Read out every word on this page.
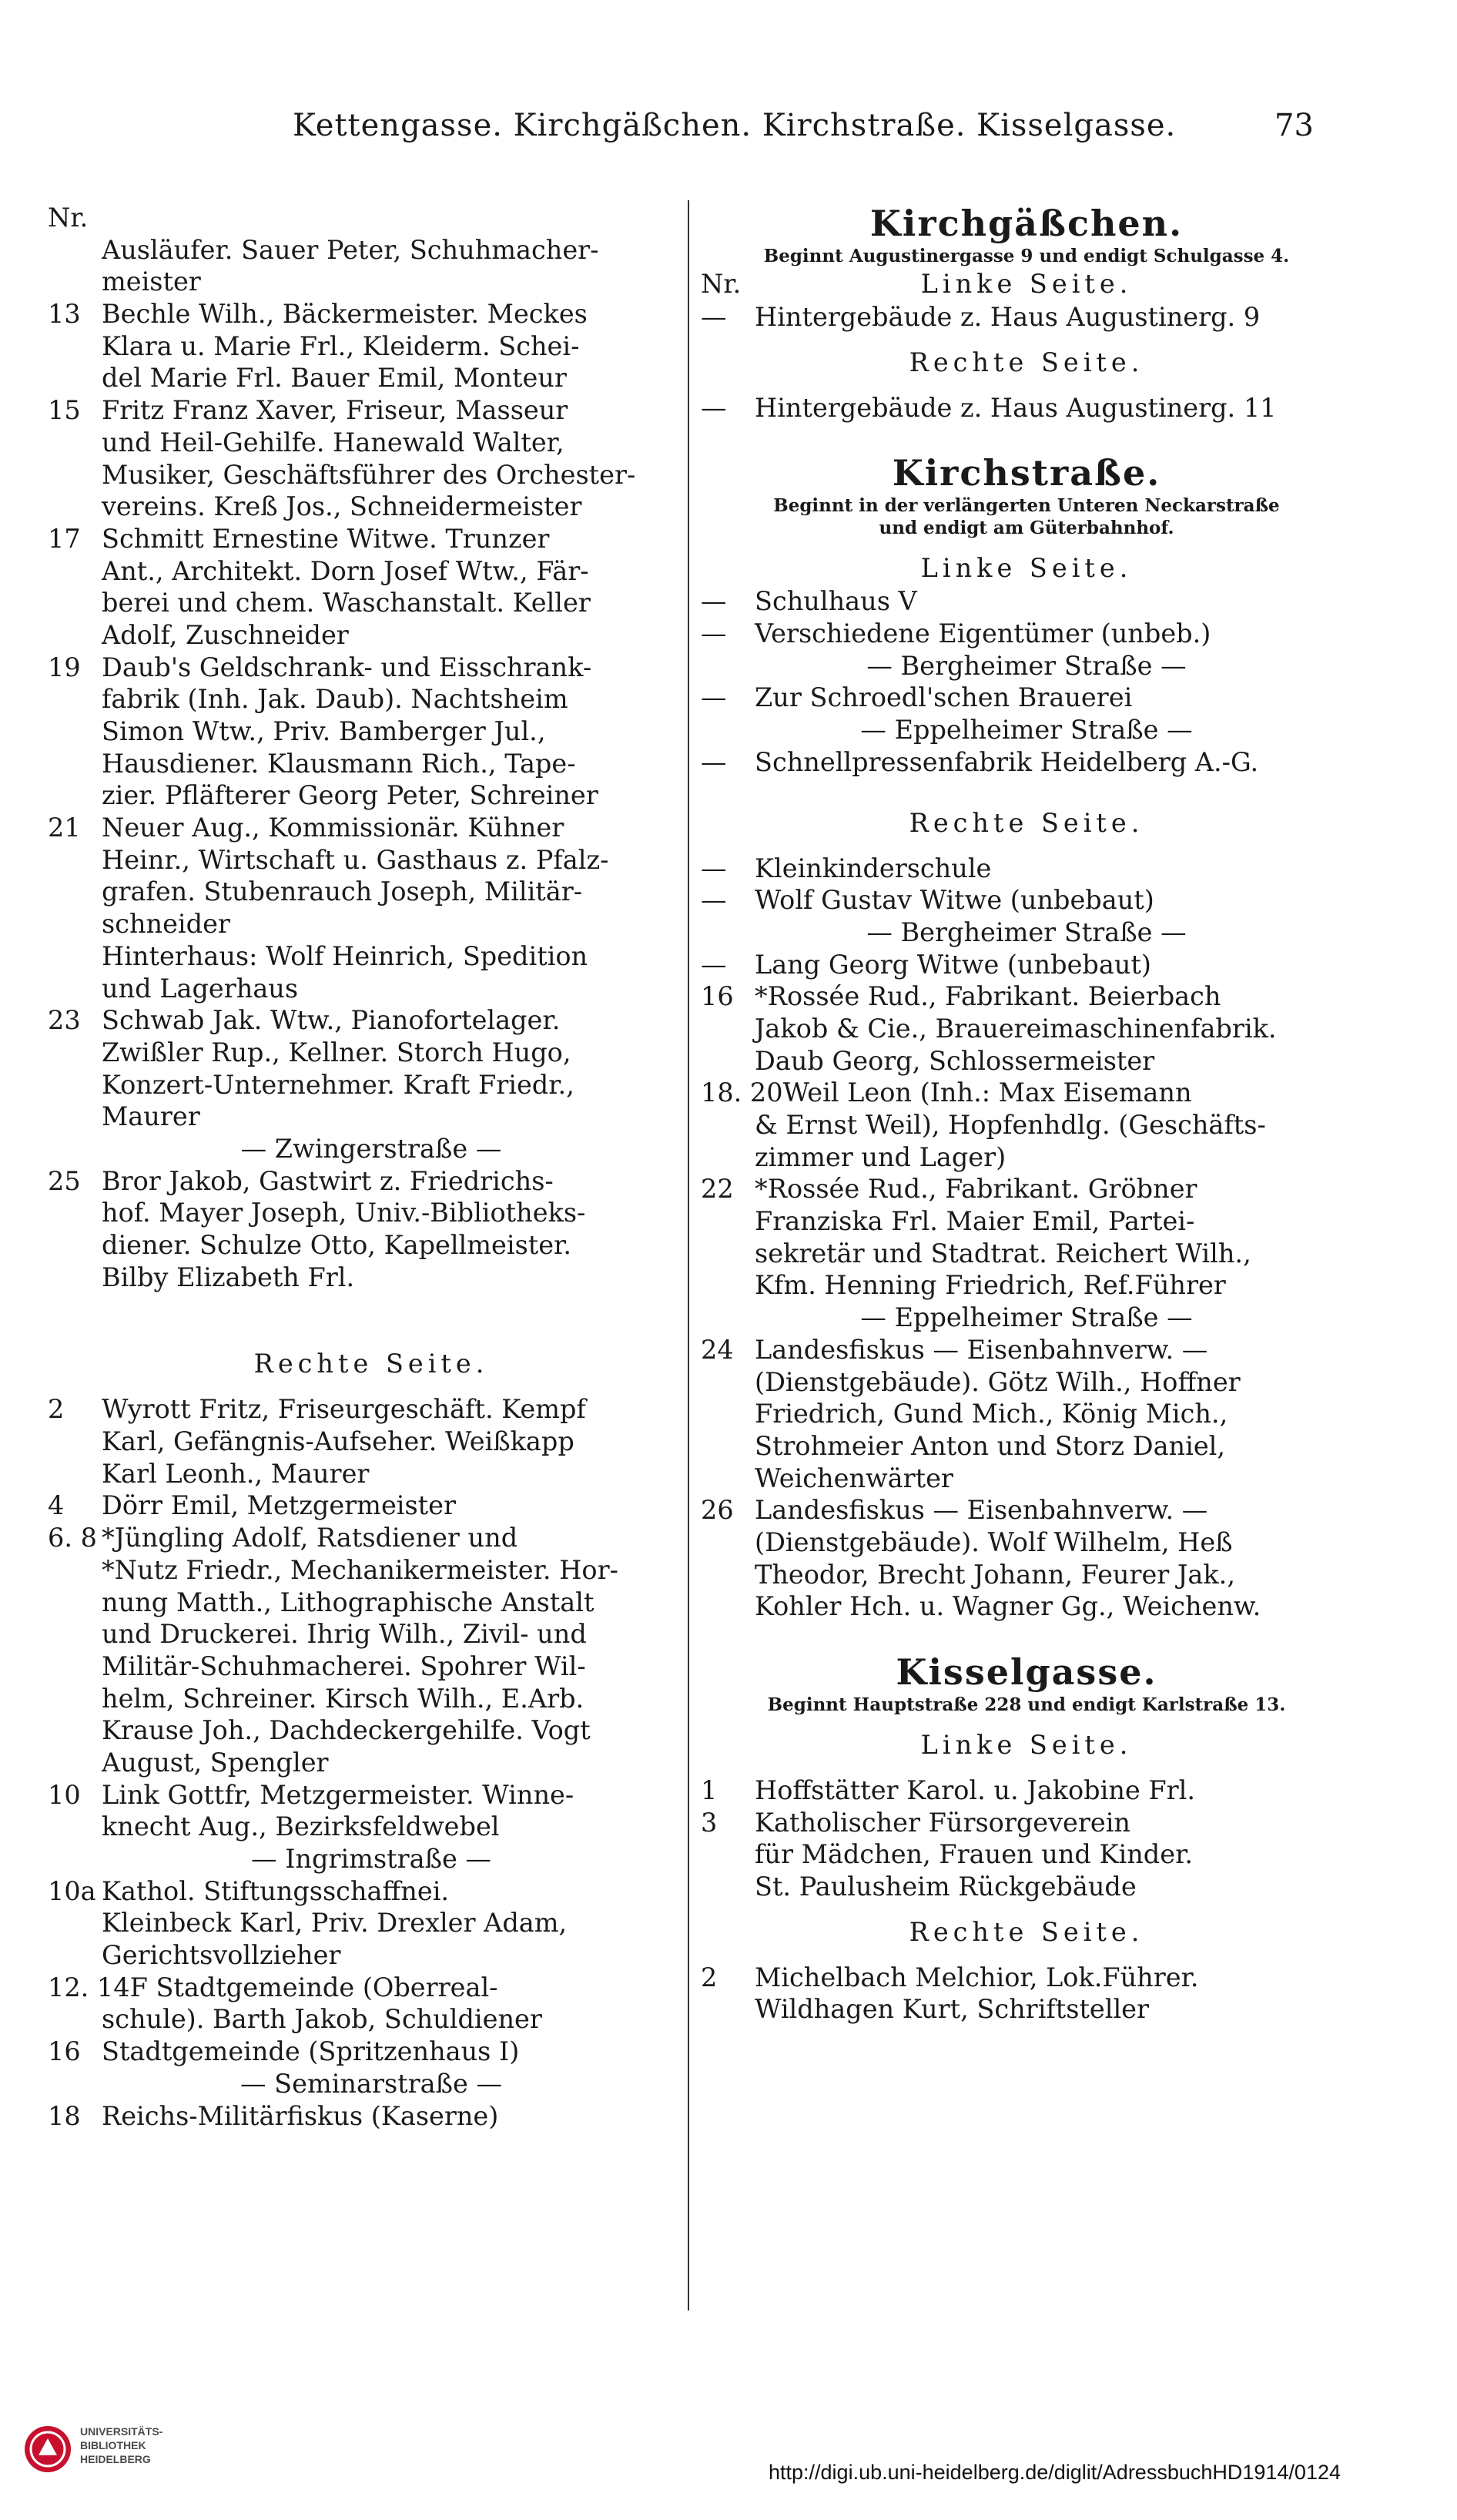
Kettengasse. Kirchgäßchen. Kirchstraße. Kisselgasse.	73
Nr.
Ausläufer. Sauer Peter, Schuhmacher-
meister
13 Bechle Wilh., Bäckermeister. Meckes
Klara u. Marie Frl., Kleiderm. Schei-
del Marie Frl. Bauer Emil, Monteur
15 Fritz Franz Xaver, Friseur, Masseur
und Heil-Gehilfe. Hanewald Walter,
Musiker, Geschäftsführer des Orchester-
vereins. Kreß Jos., Schneidermeister
17 Schmitt Ernestine Witwe. Trunzer
Ant., Architekt. Dorn Josef Wtw., Fär-
berei und chem. Waschanstalt. Keller
Adolf, Zuschneider
19 Daub's Geldschrank- und Eisschrank-
fabrik (Inh. Jak. Daub). Nachtsheim
Simon Wtw., Priv. Bamberger Jul.,
Hausdiener. Klausmann Rich., Tape-
zier. Pfläfterer Georg Peter, Schreiner
21 Neuer Aug., Kommissionär. Kühner
Heinr., Wirtschaft u. Gasthaus z. Pfalz-
grafen. Stubenrauch Joseph, Militär-
schneider
Hinterhaus: Wolf Heinrich, Spedition
und Lagerhaus
23 Schwab Jak. Wtw., Pianofortelager.
Zwißler Rup., Kellner. Storch Hugo,
Konzert-Unternehmer. Kraft Friedr.,
Maurer
— Zwingerstraße —
25 Bror Jakob, Gastwirt z. Friedrichs-
hof. Mayer Joseph, Univ.-Bibliotheks-
diener. Schulze Otto, Kapellmeister.
Bilby Elizabeth Frl.
Rechte Seite.
2 Wyrott Fritz, Friseurgeschäft. Kempf
Karl, Gefängnis-Aufseher. Weißkapp
Karl Leonh., Maurer
4 Dörr Emil, Metzgermeister
6. 8 *Jüngling Adolf, Ratsdiener und
*Nutz Friedr., Mechanikermeister. Hor-
nung Matth., Lithographische Anstalt
und Druckerei. Ihrig Wilh., Zivil- und
Militär-Schuhmacherei. Spohrer Wil-
helm, Schreiner. Kirsch Wilh., E.Arb.
Krause Joh., Dachdeckergehilfe. Vogt
August, Spengler
10 Link Gottfr, Metzgermeister. Winne-
knecht Aug., Bezirksfeldwebel
— Ingrimstraße —
10a Kathol. Stiftungsschaffnei.
Kleinbeck Karl, Priv. Drexler Adam,
Gerichtsvollzieher
12. 14F Stadtgemeinde (Oberreal-
schule). Barth Jakob, Schuldiener
16 Stadtgemeinde (Spritzenhaus I)
— Seminarstraße —
18 Reichs-Militärfiskus (Kaserne)
Kirchgäßchen.
Beginnt Augustinergasse 9 und endigt Schulgasse 4.
Nr.	Linke Seite.
— Hintergebäude z. Haus Augustinerg. 9
Rechte Seite.
— Hintergebäude z. Haus Augustinerg. 11
Kirchstraße.
Beginnt in der verlängerten Unteren Neckarstraße
und endigt am Güterbahnhof.
Linke Seite.
— Schulhaus V
— Verschiedene Eigentümer (unbeb.)
— Bergheimer Straße —
— Zur Schroedl'schen Brauerei
— Eppelheimer Straße —
— Schnellpressenfabrik Heidelberg A.-G.
Rechte Seite.
— Kleinkinderschule
— Wolf Gustav Witwe (unbebaut)
— Bergheimer Straße —
— Lang Georg Witwe (unbebaut)
16 *Rossée Rud., Fabrikant. Beierbach
Jakob & Cie., Brauereimaschinenfabrik.
Daub Georg, Schlossermeister
18. 20Weil Leon (Inh.: Max Eisemann
& Ernst Weil), Hopfenhdlg. (Geschäfts-
zimmer und Lager)
22 *Rossée Rud., Fabrikant. Gröbner
Franziska Frl. Maier Emil, Partei-
sekretär und Stadtrat. Reichert Wilh.,
Kfm. Henning Friedrich, Ref.Führer
— Eppelheimer Straße —
24 Landesfiskus — Eisenbahnverw. —
(Dienstgebäude). Götz Wilh., Hoffner
Friedrich, Gund Mich., König Mich.,
Strohmeier Anton und Storz Daniel,
Weichenwärter
26 Landesfiskus — Eisenbahnverw. —
(Dienstgebäude). Wolf Wilhelm, Heß
Theodor, Brecht Johann, Feurer Jak.,
Kohler Hch. u. Wagner Gg., Weichenw.
Kisselgasse.
Beginnt Hauptstraße 228 und endigt Karlstraße 13.
Linke Seite.
1 Hoffstätter Karol. u. Jakobine Frl.
3 Katholischer Fürsorgeverein
für Mädchen, Frauen und Kinder.
St. Paulusheim Rückgebäude
Rechte Seite.
2 Michelbach Melchior, Lok.Führer.
Wildhagen Kurt, Schriftsteller
UNIVERSITÄTS-
BIBLIOTHEK
HEIDELBERG
http://digi.ub.uni-heidelberg.de/diglit/AdressbuchHD1914/0124
